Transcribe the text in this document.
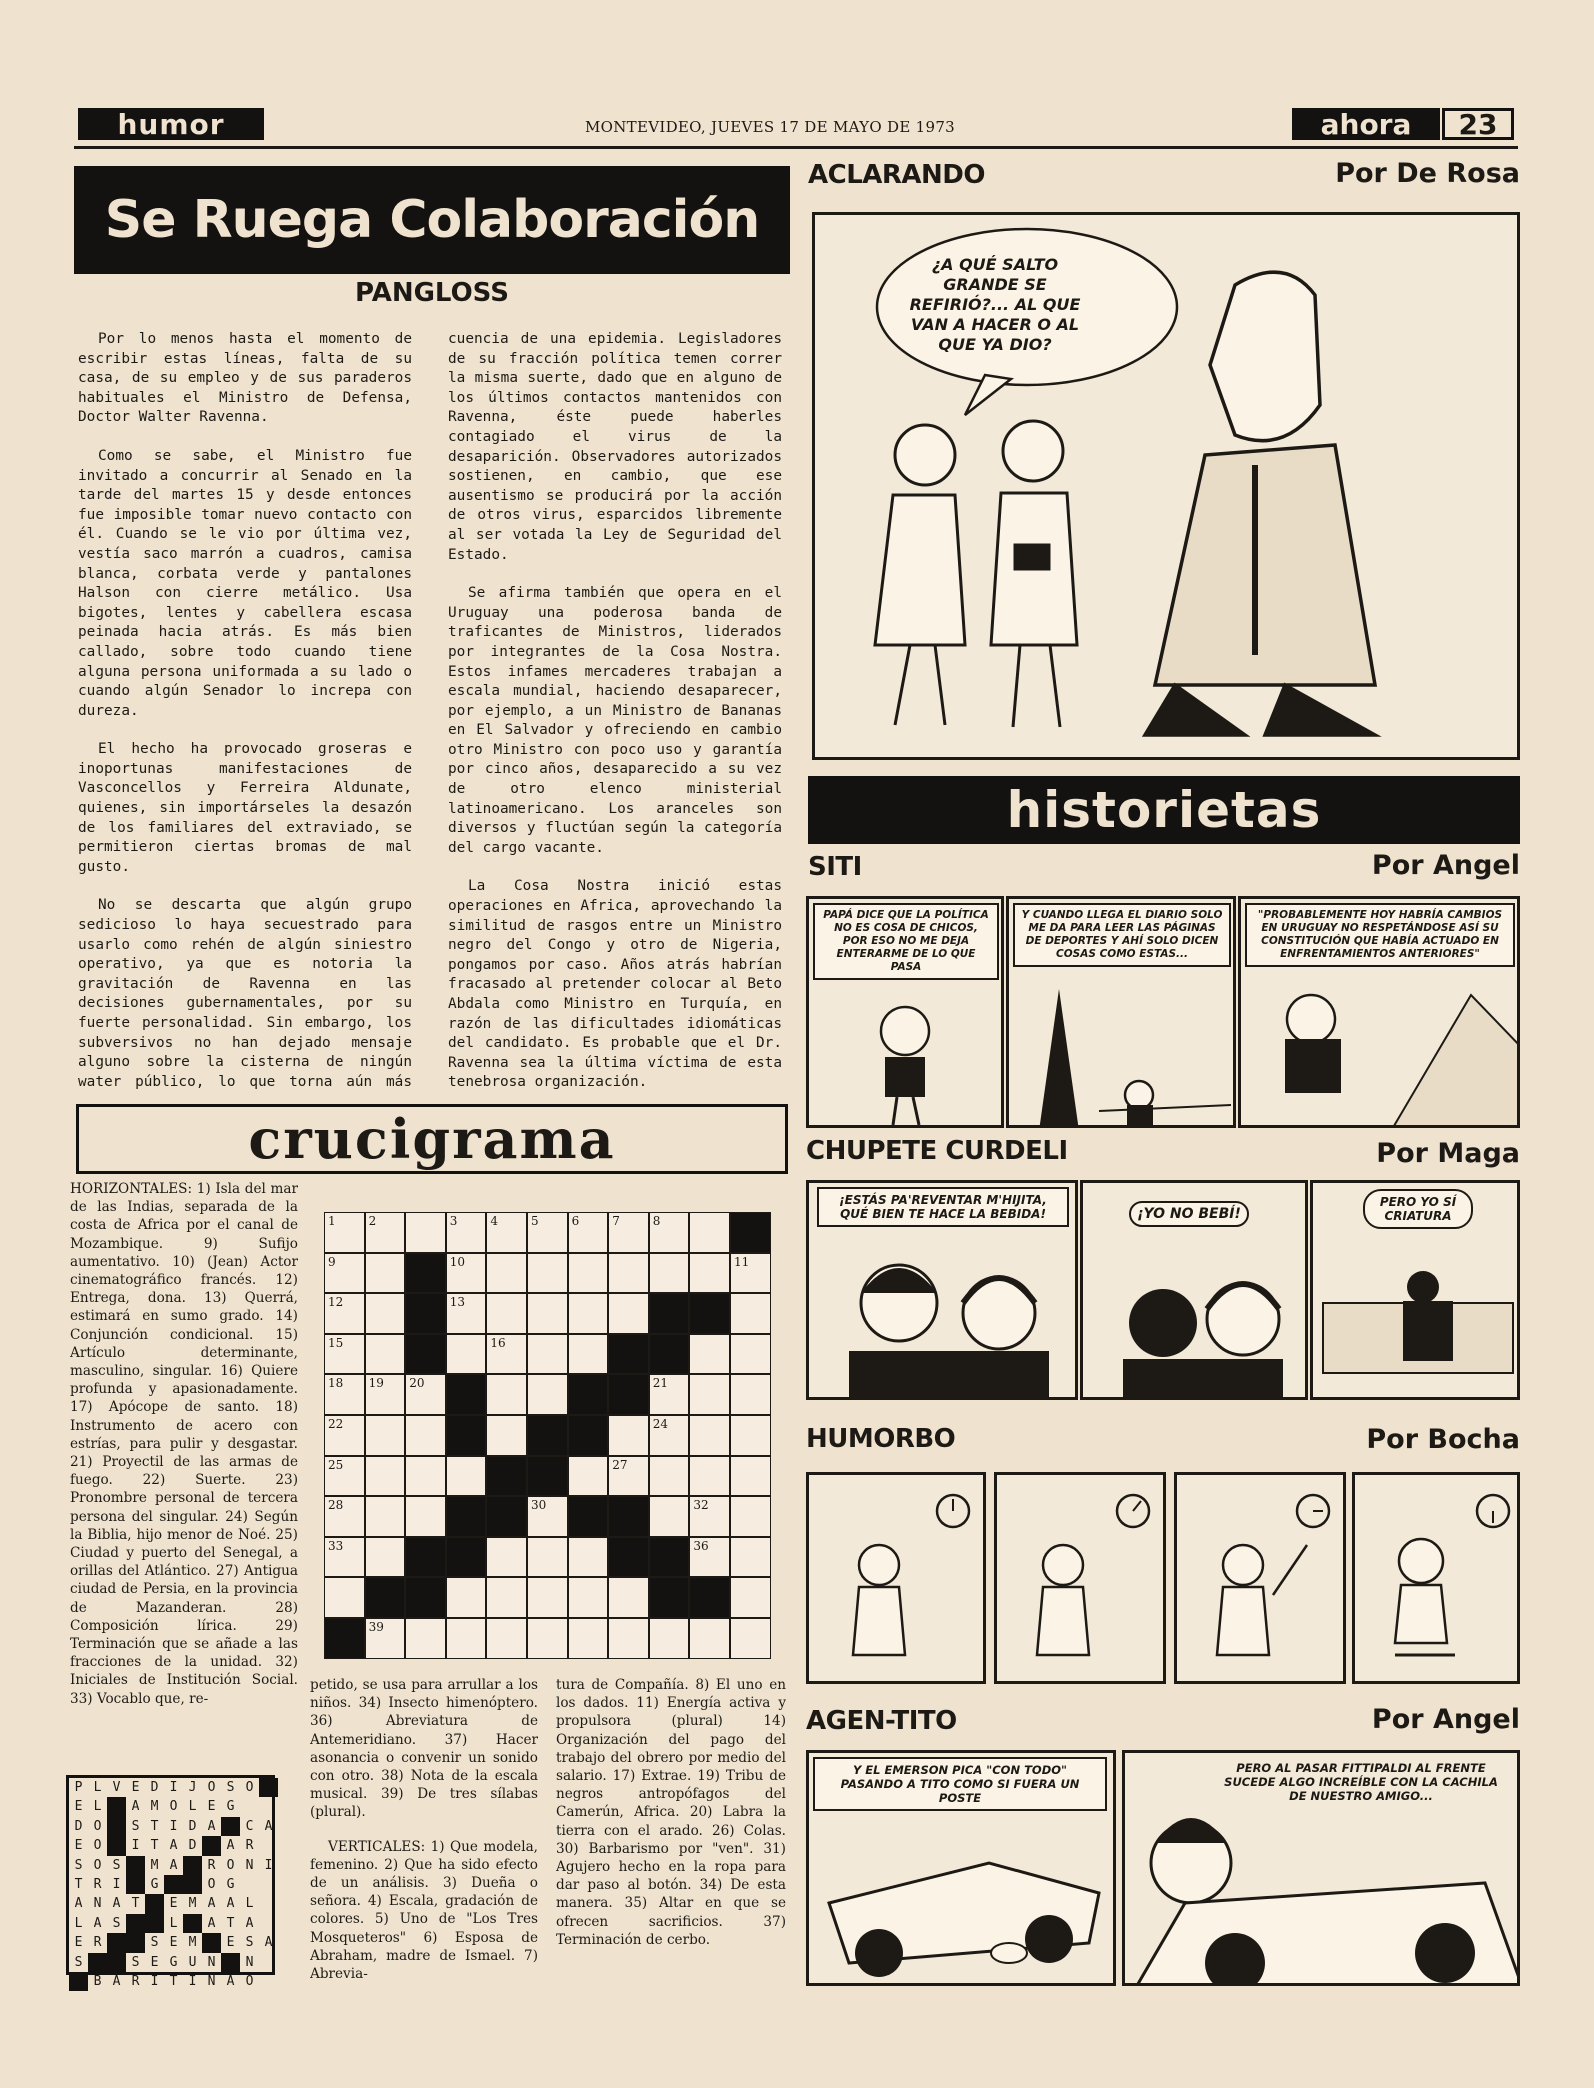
humor	MONTEVIDEO, JUEVES 17 DE MAYO DE 1973	ahora 23
Se Ruega Colaboración
PANGLOSS

Por lo menos hasta el momento de escribir estas líneas, falta de su casa, de su empleo y de sus paraderos habituales el Ministro de Defensa, Doctor Walter Ravenna.

Como se sabe, el Ministro fue invitado a concurrir al Senado en la tarde del martes 15 y desde entonces fue imposible tomar nuevo contacto con él. Cuando se le vio por última vez, vestía saco marrón a cuadros, camisa blanca, corbata verde y pantalones Halson con cierre metálico. Usa bigotes, lentes y cabellera escasa peinada hacia atrás. Es más bien callado, sobre todo cuando tiene alguna persona uniformada a su lado o cuando algún Senador lo increpa con dureza.

El hecho ha provocado groseras e inoportunas manifestaciones de Vasconcellos y Ferreira Aldunate, quienes, sin importárseles la desazón de los familiares del extraviado, se permitieron ciertas bromas de mal gusto.

No se descarta que algún grupo sedicioso lo haya secuestrado para usarlo como rehén de algún siniestro operativo, ya que es notoria la gravitación de Ravenna en las decisiones gubernamentales, por su fuerte personalidad. Sin embargo, los subversivos no han dejado mensaje alguno sobre la cisterna de ningún water público, lo que torna aún más

cuencia de una epidemia. Legisladores de su fracción política temen correr la misma suerte, dado que en alguno de los últimos contactos mantenidos con Ravenna, éste puede haberles contagiado el virus de la desaparición. Observadores autorizados sostienen, en cambio, que ese ausentismo se producirá por la acción de otros virus, esparcidos libremente al ser votada la Ley de Seguridad del Estado.

Se afirma también que opera en el Uruguay una poderosa banda de traficantes de Ministros, liderados por integrantes de la Cosa Nostra. Estos infames mercaderes trabajan a escala mundial, haciendo desaparecer, por ejemplo, a un Ministro de Bananas en El Salvador y ofreciendo en cambio otro Ministro con poco uso y garantía por cinco años, desaparecido a su vez de otro elenco ministerial latinoamericano. Los aranceles son diversos y fluctúan según la categoría del cargo vacante.

La Cosa Nostra inició estas operaciones en Africa, aprovechando la similitud de rasgos entre un Ministro negro del Congo y otro de Nigeria, pongamos por caso. Años atrás habrían fracasado al pretender colocar al Beto Abdala como Ministro en Turquía, en razón de las dificultades idiomáticas del candidato. Es probable que el Dr. Ravenna sea la última víctima de esta tenebrosa organización.

crucigrama
HORIZONTALES: 1) Isla del mar de las Indias, separada de la costa de Africa por el canal de Mozambique. 9) Sufijo aumentativo. 10) (Jean) Actor cinematográfico francés. 12) Entrega, dona. 13) Querrá, estimará en sumo grado. 14) Conjunción condicional. 15) Artículo determinante, masculino, singular. 16) Quiere profunda y apasionadamente. 17) Apócope de santo. 18) Instrumento de acero con estrías, para pulir y desgastar. 21) Proyectil de las armas de fuego. 22) Suerte. 23) Pronombre personal de tercera persona del singular. 24) Según la Biblia, hijo menor de Noé. 25) Ciudad y puerto del Senegal, a orillas del Atlántico. 27) Antigua ciudad de Persia, en la provincia de Mazanderan. 28) Composición lírica. 29) Terminación que se añade a las fracciones de la unidad. 32) Iniciales de Institución Social. 33) Vocablo que, re-
1	2	3	4	5	6	7	8
9	10	11
12	13
15	16
18 19 20	21
22	24
25	27
28	30	32
33	36
39
petido, se usa para arrullar a los niños. 34) Insecto himenóptero. 36) Abreviatura de Antemeridiano. 37) Hacer asonancia o convenir un sonido con otro. 38) Nota de la escala musical. 39) De tres sílabas (plural).
VERTICALES: 1) Que modela, femenino. 2) Que ha sido efecto de un análisis. 3) Dueña o señora. 4) Escala, gradación de colores. 5) Uno de "Los Tres Mosqueteros" 6) Esposa de Abraham, madre de Ismael. 7) Abrevia-
tura de Compañía. 8) El uno en los dados. 11) Energía activa y propulsora (plural) 14) Organización del pago del trabajo del obrero por medio del salario. 17) Extrae. 19) Tribu de negros antropófagos del Camerún, Africa. 20) Labra la tierra con el arado. 26) Colas. 30) Barbarismo por "ven". 31) Agujero hecho en la ropa para dar paso al botón. 34) De esta manera. 35) Altar en que se ofrecen sacrificios. 37) Terminación de cerbo.
P L V E D I J O S O
E L	A M O L E G
D O	S T I D A	C A
E O	I T A D	A R
S O S	M A	R O N I
T R I	G	O G
A N A T	E M A A L
L A S	L	A T A
E R	S E M	E S A
S	S E G U N	N
B A R I T I N A O
ACLARANDO	Por De Rosa
¿A QUÉ SALTO GRANDE SE REFIRIÓ?... AL QUE VAN A HACER O AL QUE YA DIO?
historietas
SITI	Por Angel
PAPÁ DICE QUE LA POLÍTICA NO ES COSA DE CHICOS, POR ESO NO ME DEJA ENTERARME DE LO QUE PASA
Y CUANDO LLEGA EL DIARIO SOLO ME DA PARA LEER LAS PÁGINAS DE DEPORTES Y AHÍ SOLO DICEN COSAS COMO ESTAS...
"PROBABLEMENTE HOY HABRÍA CAMBIOS EN URUGUAY NO RESPETÁNDOSE ASÍ SU CONSTITUCIÓN QUE HABÍA ACTUADO EN ENFRENTAMIENTOS ANTERIORES"
CHUPETE CURDELI	Por Maga
¡ESTÁS PA'REVENTAR M'HIJITA, QUÉ BIEN TE HACE LA BEBIDA!	¡YO NO BEBÍ!
PERO YO SÍ CRIATURA
HUMORBO	Por Bocha
AGEN-TITO	Por Angel
Y EL EMERSON PICA "CON TODO" PASANDO A TITO COMO SI FUERA UN POSTE
PERO AL PASAR FITTIPALDI AL FRENTE SUCEDE ALGO INCREÍBLE CON LA CACHILA DE NUESTRO AMIGO...
